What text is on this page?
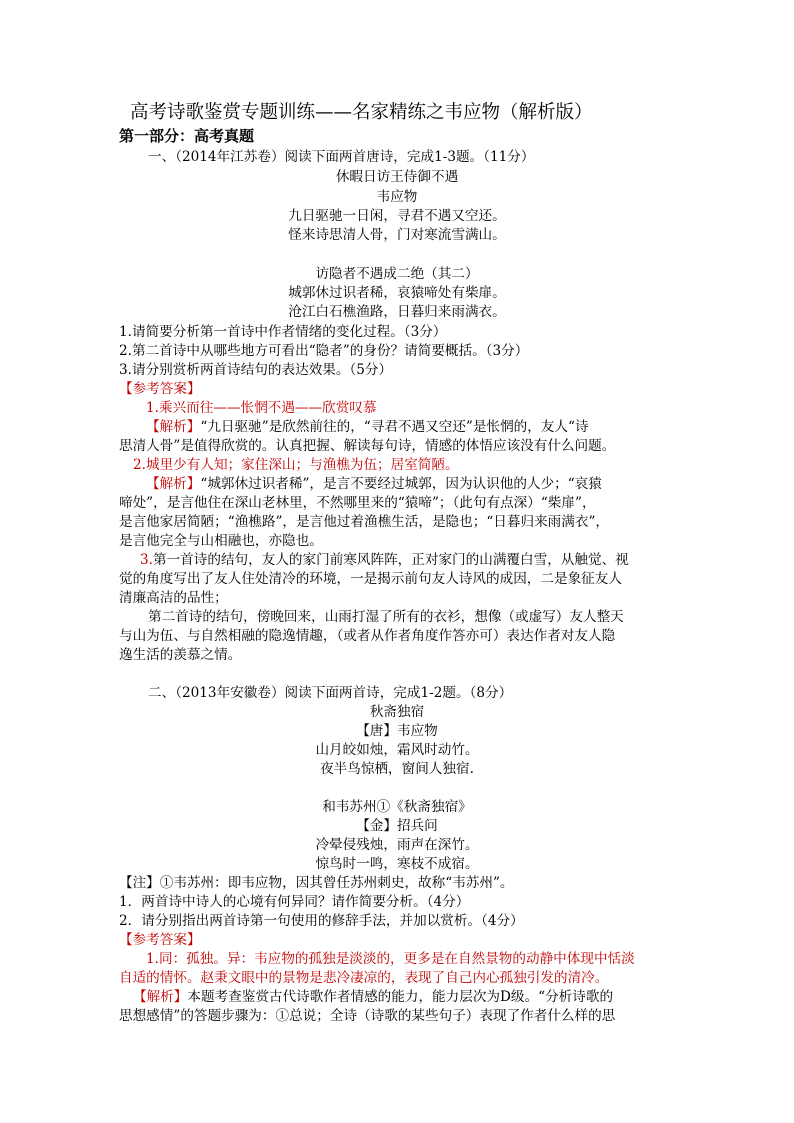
高考诗歌鉴赏专题训练——名家精练之韦应物（解析版）
第一部分：高考真题
一、（2014年江苏卷）阅读下面两首唐诗，完成1-3题。（11分）
休暇日访王侍御不遇
韦应物
九日驱驰一日闲，寻君不遇又空还。
怪来诗思清人骨，门对寒流雪满山。
访隐者不遇成二绝（其二）
城郭休过识者稀，哀猿啼处有柴扉。
沧江白石樵渔路，日暮归来雨满衣。
1.请简要分析第一首诗中作者情绪的变化过程。（3分）
2.第二首诗中从哪些地方可看出“隐者”的身份？请简要概括。（3分）
3.请分别赏析两首诗结句的表达效果。（5分）
【参考答案】
1.乘兴而往——怅惘不遇——欣赏叹慕
【解析】“九日驱驰”是欣然前往的，“寻君不遇又空还”是怅惘的，友人“诗
思清人骨”是值得欣赏的。认真把握、解读每句诗，情感的体悟应该没有什么问题。
2.城里少有人知；家住深山；与渔樵为伍；居室简陋。
【解析】“城郭休过识者稀”，是言不要经过城郭，因为认识他的人少；“哀猿
啼处”，是言他住在深山老林里，不然哪里来的“猿啼”；（此句有点深）“柴扉”，
是言他家居简陋；“渔樵路”，是言他过着渔樵生活，是隐也；“日暮归来雨满衣”，
是言他完全与山相融也，亦隐也。
3.第一首诗的结句，友人的家门前寒风阵阵，正对家门的山满覆白雪，从触觉、视
觉的角度写出了友人住处清冷的环境，一是揭示前句友人诗风的成因，二是象征友人
清廉高洁的品性；
第二首诗的结句，傍晚回来，山雨打湿了所有的衣衫，想像（或虚写）友人整天
与山为伍、与自然相融的隐逸情趣，（或者从作者角度作答亦可）表达作者对友人隐
逸生活的羡慕之情。
二、（2013年安徽卷）阅读下面两首诗，完成1-2题。（8分）
秋斋独宿
【唐】韦应物
山月皎如烛，霜风时动竹。
夜半鸟惊栖，窗间人独宿.
和韦苏州①《秋斋独宿》
【金】招兵问
冷晕侵残烛，雨声在深竹。
惊鸟时一鸣，寒枝不成宿。
【注】①韦苏州：即韦应物，因其曾任苏州刺史，故称“韦苏州”。
1．两首诗中诗人的心境有何异同？请作简要分析。（4分）
2．请分别指出两首诗第一句使用的修辞手法，并加以赏析。（4分）
【参考答案】
1.同：孤独。异：韦应物的孤独是淡淡的，更多是在自然景物的动静中体现中恬淡
自适的情怀。赵秉文眼中的景物是悲冷凄凉的，表现了自己内心孤独引发的清冷。
【解析】本题考查鉴赏古代诗歌作者情感的能力，能力层次为D级。“分析诗歌的
思想感情”的答题步骤为：①总说；全诗（诗歌的某些句子）表现了作者什么样的思
